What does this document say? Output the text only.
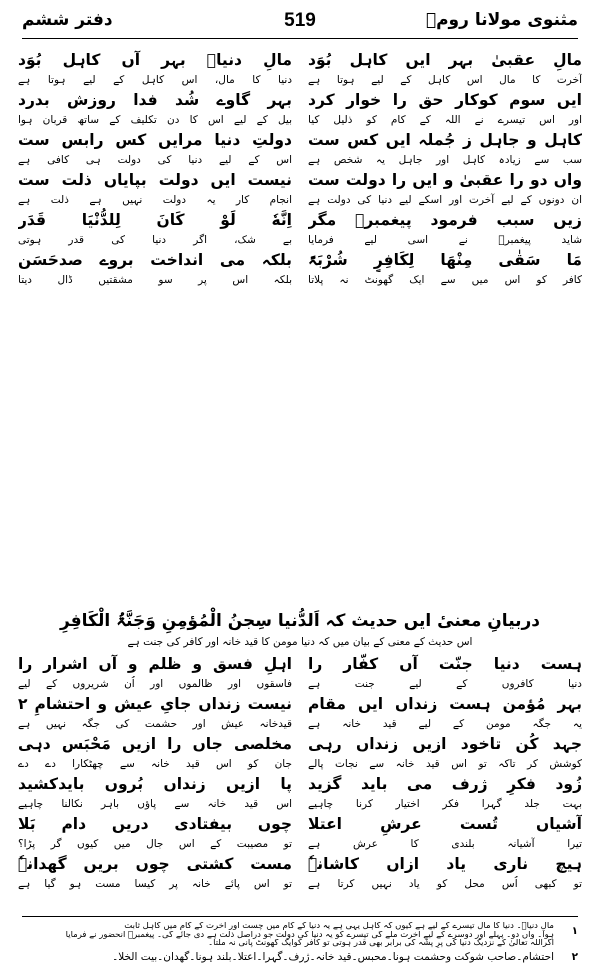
مثنوی مولانا رومؒ
519
دفتر ششم
مالِ عقبیٰ بہر ایں کاہل بُوَد
آخرت کا مال اس کاہل کے لیے ہوتا ہے
ایں سوم کوکار حق را خوار کرد
اور اس تیسرے نے اللہ کے کام کو ذلیل کیا
کاہل و جاہل ز جُملہ ایں کس ست
سب سے زیادہ کاہل اور جاہل یہ شخص ہے
واں دو را عقبیٰ و ایں را دولت ست
ان دونوں کے لیے آخرت اور اسکے لیے دنیا کی دولت ہے
زیں سبب فرمود پیغمبرؐ مگر
شاید پیغمبرؐ نے اسی لیے فرمایا
مَا سَقٰی مِنْهَا لِکَافِرٍ شُرْبَۃً
کافر کو اس میں سے ایک گھونٹ نہ پلاتا
مالِ دنیاؒ بہر آں کاہل بُوَد
دنیا کا مال، اس کاہل کے لیے ہوتا ہے
بہر گاوے شُد فدا روزش بدرد
بیل کے لیے اس کا دن تکلیف کے ساتھ قربان ہوا
دولتِ دنیا مرایں کس رابس ست
اس کے لیے دنیا کی دولت ہی کافی ہے
نیست ایں دولت بپایاں ذلت ست
انجام کار یہ دولت نہیں ہے ذلت ہے
اِنَّهٗ لَوْ کَانَ لِلدُّنْیَا قَدَر
بے شک، اگر دنیا کی قدر ہوتی
بلکہ می انداخت بروے صدحَسَن
بلکہ اس پر سو مشقتیں ڈال دیتا
دربیانِ معنیٔ ایں حدیث کہ اَلدُّنیا سِجنُ الْمُؤمِنِ وَجَنَّۃُ الْکَافِرِ
اس حدیث کے معنی کے بیان میں کہ دنیا مومن کا قید خانہ اور کافر کی جنت ہے
ہست دنیا جنّت آں کفّار را
دنیا کافروں کے لیے جنت ہے
بہر مُؤمن ہست زنداں ایں مقام
یہ جگہ مومن کے لیے قید خانہ ہے
جہد کُن تاخود ازیں زنداں رہی
کوشش کر تاکہ تو اس قید خانہ سے نجات پالے
زُود فکرِ ژرف می باید گزید
بہت جلد گہرا فکر اختیار کرنا چاہیے
آشیاں تُست عرشِ اعتلا
تیرا آشیانہ بلندی کا عرش ہے
ہیچ ناری یاد ازاں کاشانہٗ
تو کبھی اُس محل کو یاد نہیں کرتا ہے
اہلِ فسق و ظلم و آں اشرار را
فاسقوں اور ظالموں اور اُن شریروں کے لیے
نیست زنداں جایِ عیش و احتشامِ ۲
قیدخانہ عیش اور حشمت کی جگہ نہیں ہے
مخلصی جاں را ازیں مَحْبَس دہی
جان کو اس قید خانہ سے چھٹکارا دے دے
پا ازیں زنداں بُروں بایدکشید
اس قید خانہ سے پاؤں باہر نکالنا چاہیے
چوں بیفتادی دریں دام بَلا
تو مصیبت کے اس جال میں کیوں گر پڑا؟
مست کشتی چوں بریں گھدانہٗ
تو اس پائے خانہ پر کیسا مست ہو گیا ہے
۱
مالِ دنیاؒ۔ دنیا کا مال تیسرے کے لیے ہے کیوں کہ کاہل یہی ہے یہ دنیا کے کام میں چست اور آخرت کے کام میں کاہل ثابت
ہوا۔ واں دو۔ پہلے اور دوسرے کے لیے آخرت ملے گی تیسرے کو یہ دنیا کی دولت جو دراصل ذلت ہے دی جائے گی۔ پیغمبرؐ آنحضور نے فرمایا
اگراللہ تعالیٰ کے نزدیک دنیا کی پرِ پشّہ کی برابر بھی قدر ہوتی تو کافر کوایک گھونٹ پانی نہ ملتا۔
۲
احتشام۔صاحب شوکت وحشمت ہونا۔محبس۔قید خانہ۔ژرف۔گہرا۔اعتلا۔بلند ہونا۔گھدان۔بیت الخلا۔
